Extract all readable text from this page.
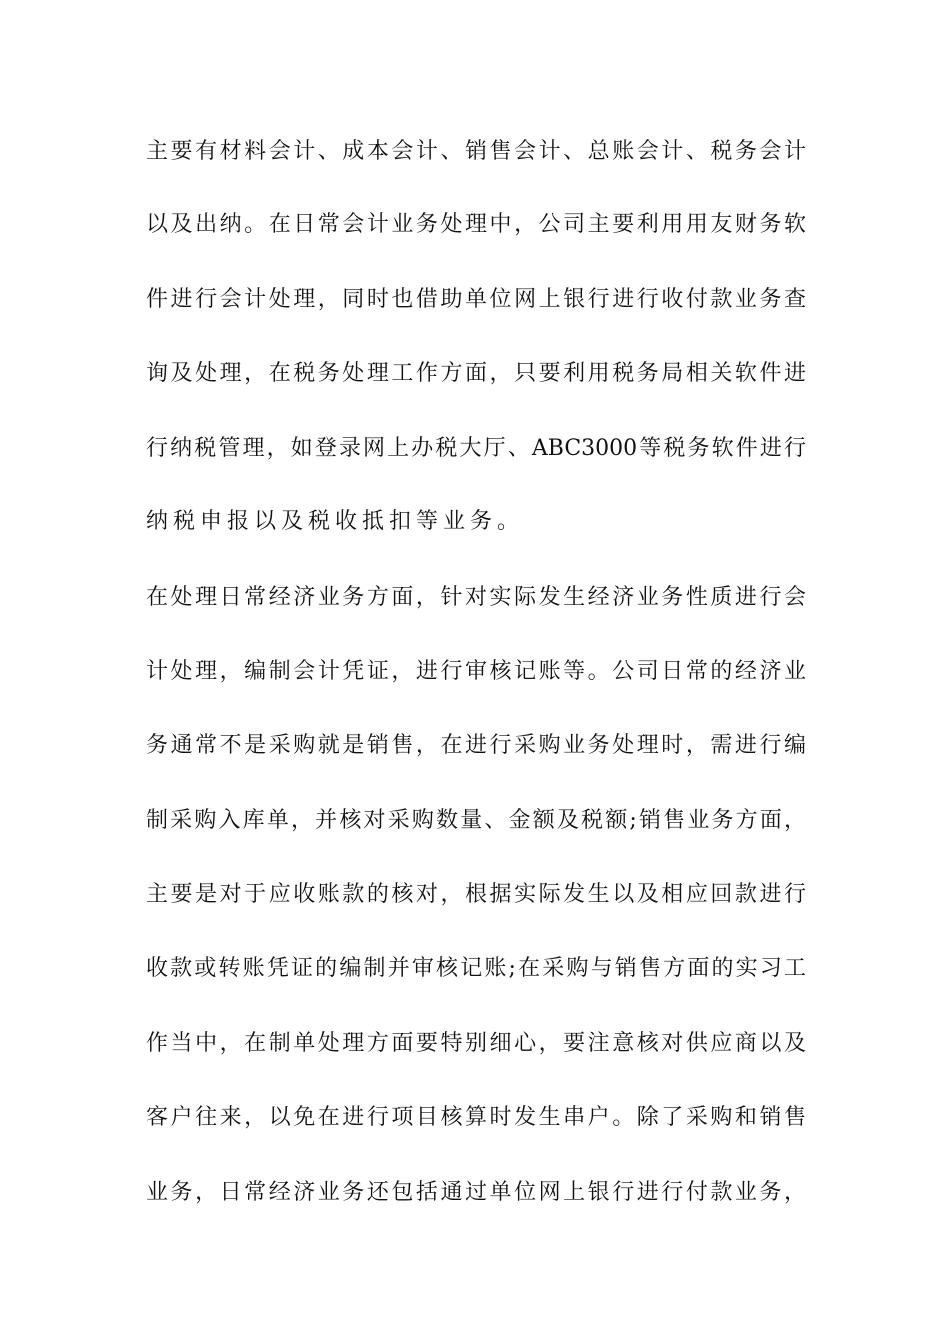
主要有材料会计、成本会计、销售会计、总账会计、税务会计
以及出纳。在日常会计业务处理中，公司主要利用用友财务软
件进行会计处理，同时也借助单位网上银行进行收付款业务查
询及处理，在税务处理工作方面，只要利用税务局相关软件进
行纳税管理，如登录网上办税大厅、ABC3000等税务软件进行
纳税申报以及税收抵扣等业务。
在处理日常经济业务方面，针对实际发生经济业务性质进行会
计处理，编制会计凭证，进行审核记账等。公司日常的经济业
务通常不是采购就是销售，在进行采购业务处理时，需进行编
制采购入库单，并核对采购数量、金额及税额;销售业务方面，
主要是对于应收账款的核对，根据实际发生以及相应回款进行
收款或转账凭证的编制并审核记账;在采购与销售方面的实习工
作当中，在制单处理方面要特别细心，要注意核对供应商以及
客户往来，以免在进行项目核算时发生串户。除了采购和销售
业务，日常经济业务还包括通过单位网上银行进行付款业务，
